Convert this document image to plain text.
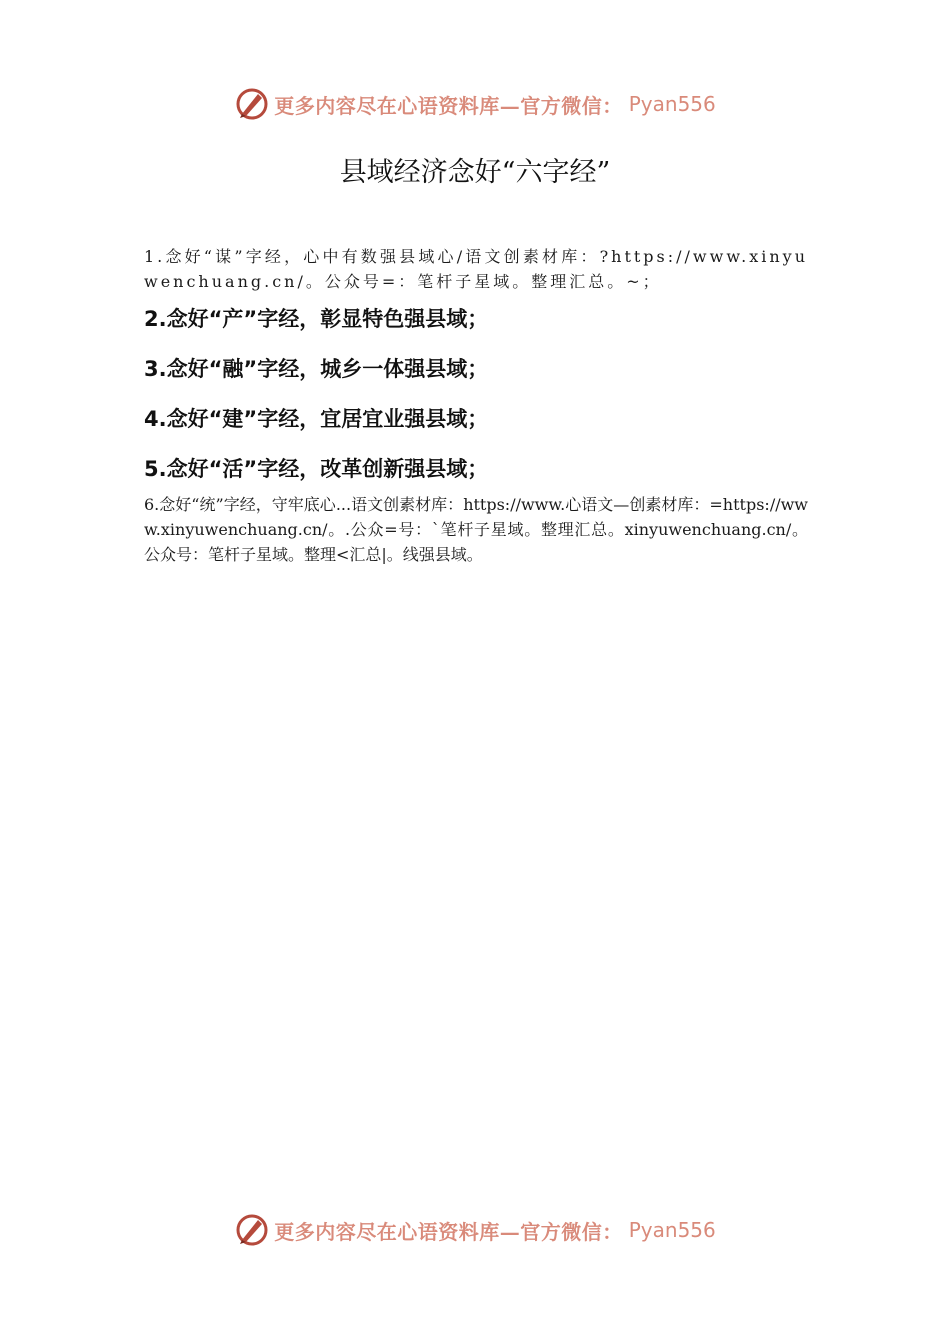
更多内容尽在心语资料库—官方微信： Pyan556
县域经济念好“六字经”

1.念好“谋”字经，心中有数强县域心/语文创素材库：?https://www.xinyuwenchuang.cn/。公众号=：笔杆子星域。整理汇总。~；

2.念好“产”字经，彰显特色强县域；

3.念好“融”字经，城乡一体强县域；

4.念好“建”字经，宜居宜业强县域；

5.念好“活”字经，改革创新强县域；

6.念好“统”字经，守牢底心...语文创素材库：https://www.心语文—创素材库：=https://www.xinyuwenchuang.cn/。.公众=号：`笔杆子星域。整理汇总。xinyuwenchuang.cn/。公众号：笔杆子星域。整理<汇总|。线强县域。

更多内容尽在心语资料库—官方微信： Pyan556
